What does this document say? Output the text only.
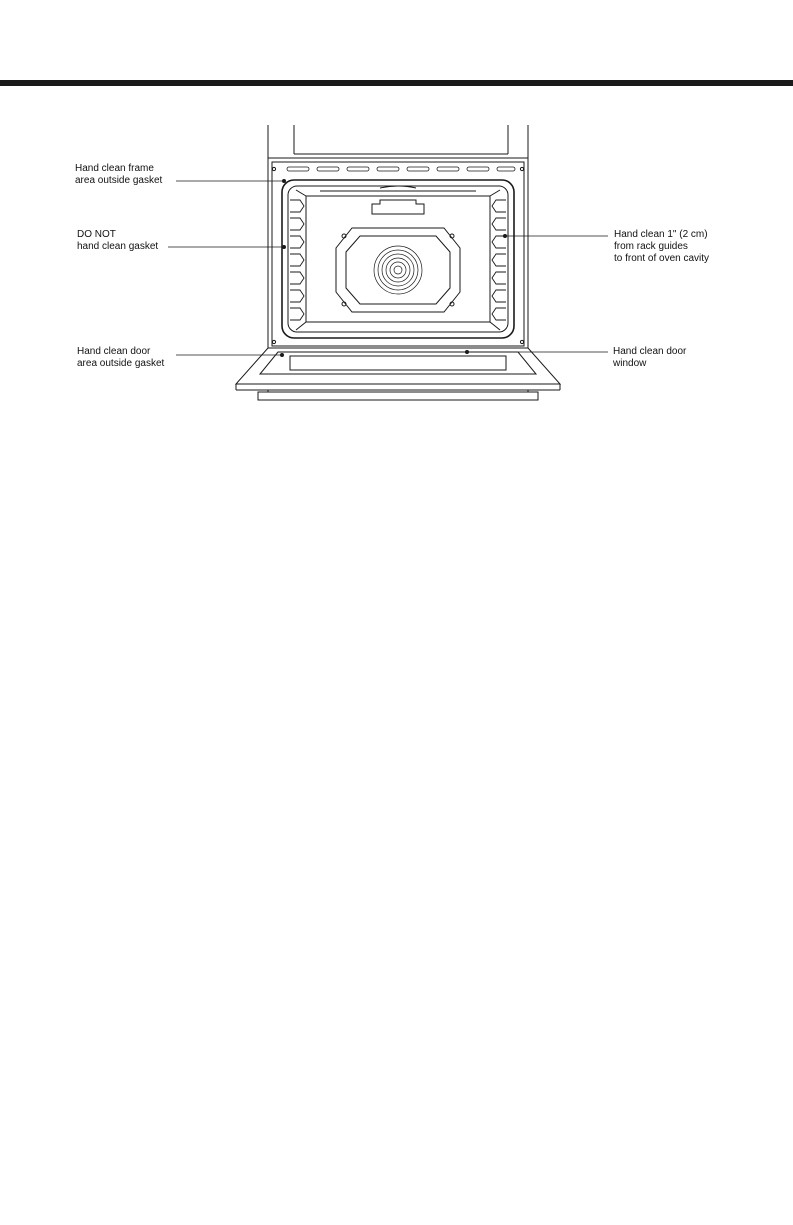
Hand clean frame
area outside gasket
DO NOT
hand clean gasket
Hand clean 1" (2 cm)
from rack guides
to front of oven cavity
Hand clean door
area outside gasket
Hand clean door
window
